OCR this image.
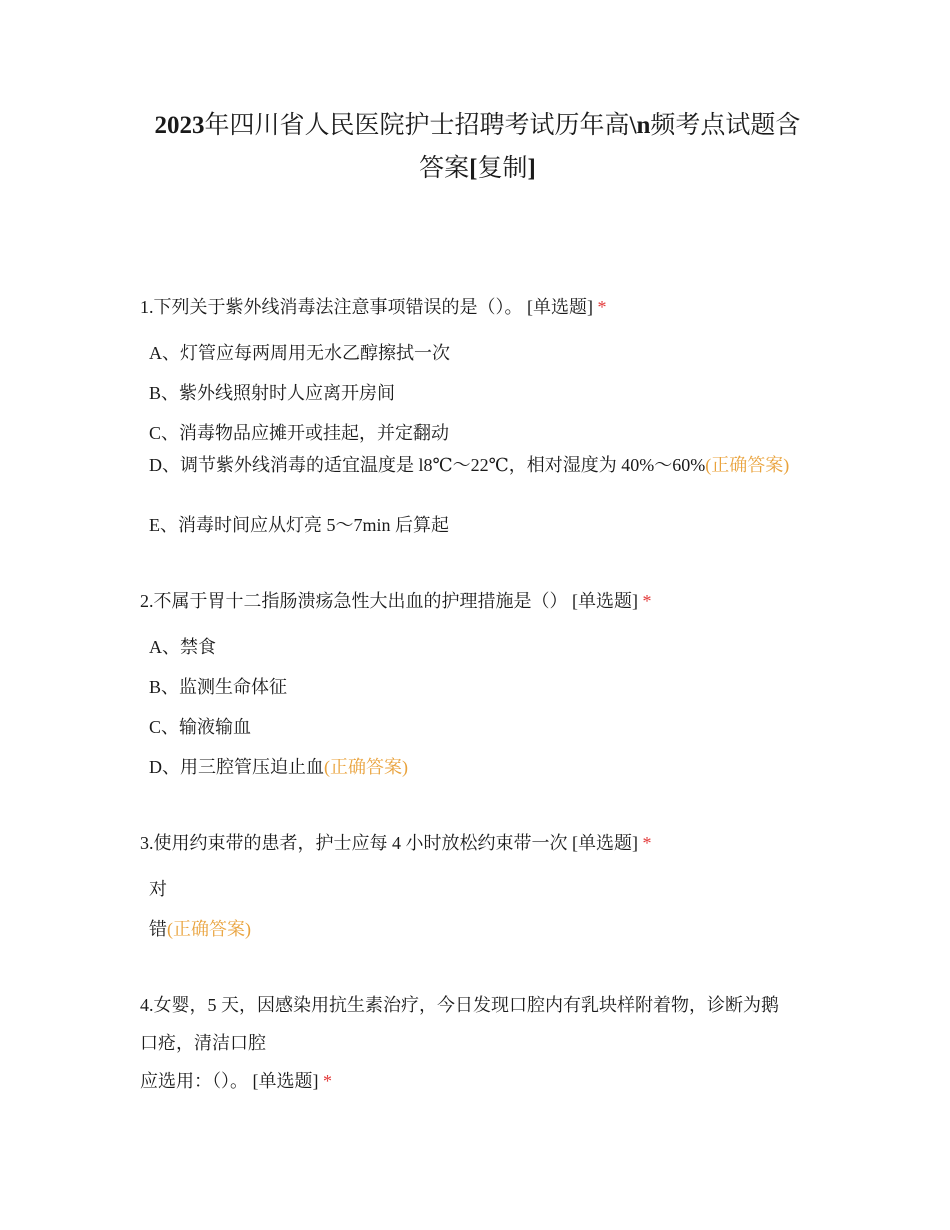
2023年四川省人民医院护士招聘考试历年高\n频考点试题含
答案[复制]
1.下列关于紫外线消毒法注意事项错误的是（）。 [单选题] *
A、灯管应每两周用无水乙醇擦拭一次
B、紫外线照射时人应离开房间
C、消毒物品应摊开或挂起，并定翻动
D、调节紫外线消毒的适宜温度是 l8℃～22℃，相对湿度为 40%～60%(正确答案)
E、消毒时间应从灯亮 5～7min 后算起
2.不属于胃十二指肠溃疡急性大出血的护理措施是（） [单选题] *
A、禁食
B、监测生命体征
C、输液输血
D、用三腔管压迫止血(正确答案)
3.使用约束带的患者，护士应每 4 小时放松约束带一次 [单选题] *
对
错(正确答案)
4.女婴，5 天，因感染用抗生素治疗，今日发现口腔内有乳块样附着物，诊断为鹅
口疮，清洁口腔
应选用：（）。 [单选题] *
